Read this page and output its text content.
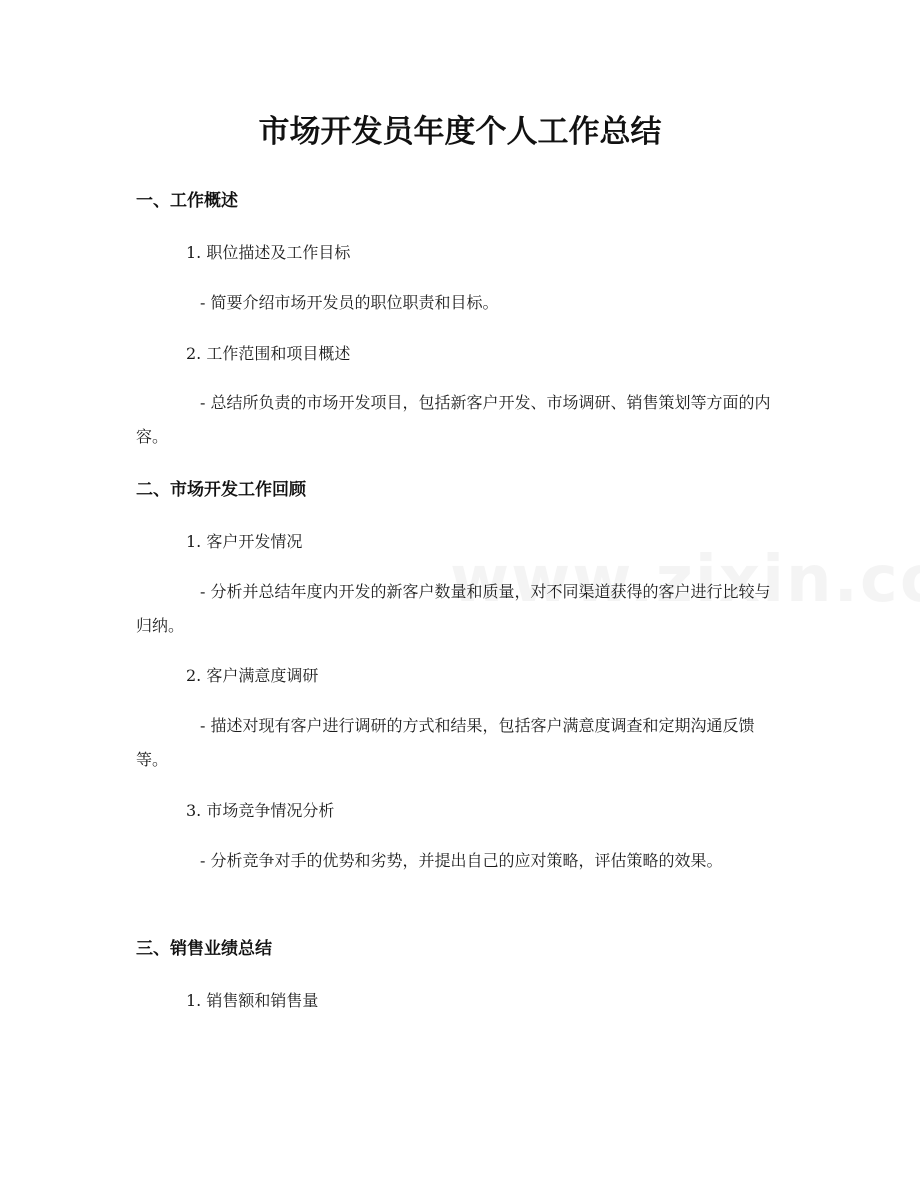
市场开发员年度个人工作总结
一、工作概述

1. 职位描述及工作目标

- 简要介绍市场开发员的职位职责和目标。

2. 工作范围和项目概述

- 总结所负责的市场开发项目，包括新客户开发、市场调研、销售策划等方面的内容。

二、市场开发工作回顾

1. 客户开发情况

- 分析并总结年度内开发的新客户数量和质量，对不同渠道获得的客户进行比较与归纳。

2. 客户满意度调研

- 描述对现有客户进行调研的方式和结果，包括客户满意度调查和定期沟通反馈等。

3. 市场竞争情况分析

- 分析竞争对手的优势和劣势，并提出自己的应对策略，评估策略的效果。

三、销售业绩总结

1. 销售额和销售量
